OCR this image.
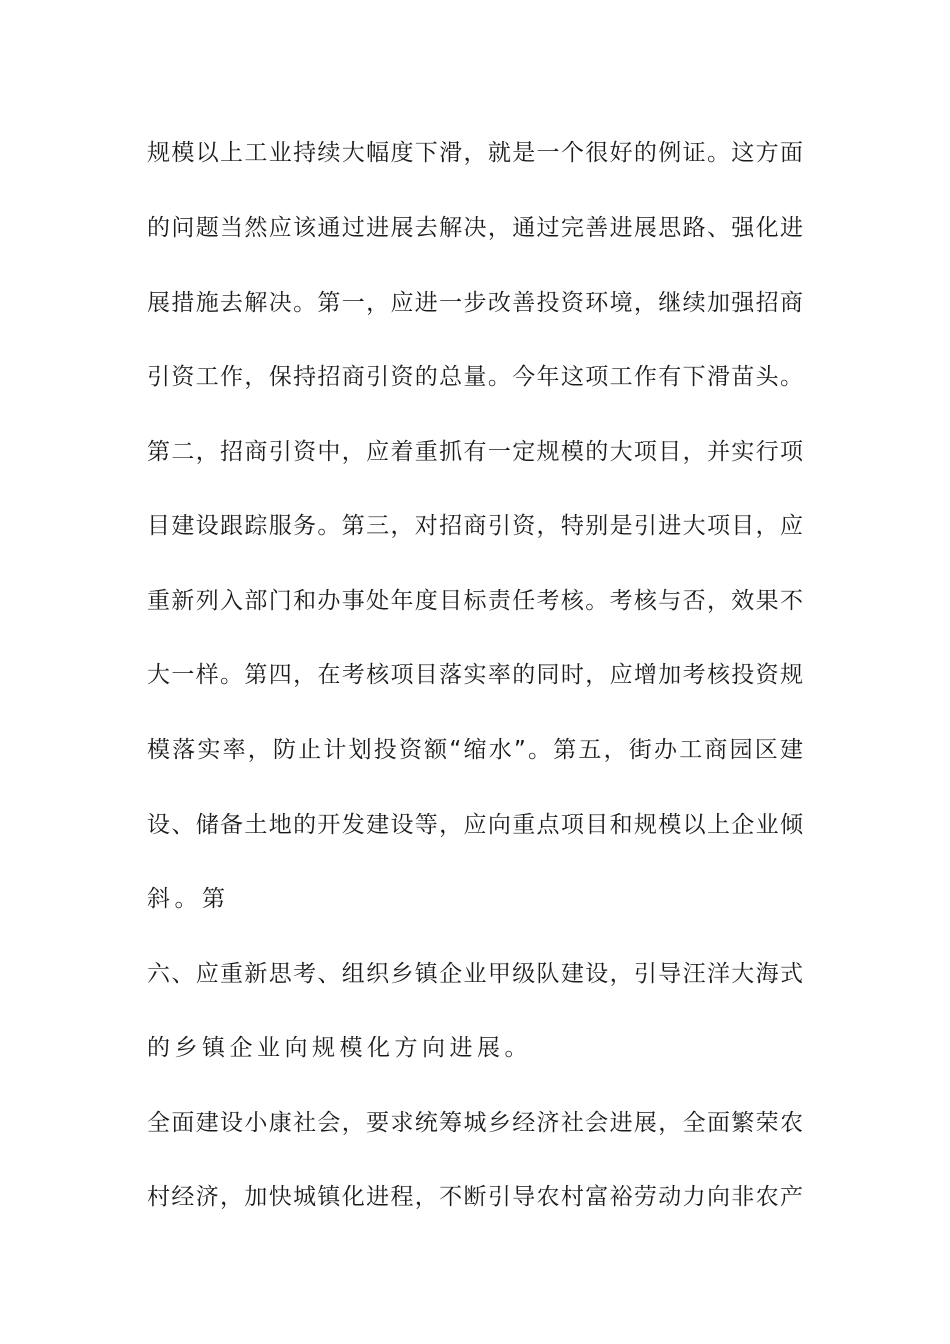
规模以上工业持续大幅度下滑，就是一个很好的例证。这方面
的问题当然应该通过进展去解决，通过完善进展思路、强化进
展措施去解决。第一，应进一步改善投资环境，继续加强招商
引资工作，保持招商引资的总量。今年这项工作有下滑苗头。
第二，招商引资中，应着重抓有一定规模的大项目，并实行项
目建设跟踪服务。第三，对招商引资，特别是引进大项目，应
重新列入部门和办事处年度目标责任考核。考核与否，效果不
大一样。第四，在考核项目落实率的同时，应增加考核投资规
模落实率，防止计划投资额“缩水”。第五，街办工商园区建
设、储备土地的开发建设等，应向重点项目和规模以上企业倾
斜。第
六、应重新思考、组织乡镇企业甲级队建设，引导汪洋大海式
的乡镇企业向规模化方向进展。
全面建设小康社会，要求统筹城乡经济社会进展，全面繁荣农
村经济，加快城镇化进程，不断引导农村富裕劳动力向非农产
